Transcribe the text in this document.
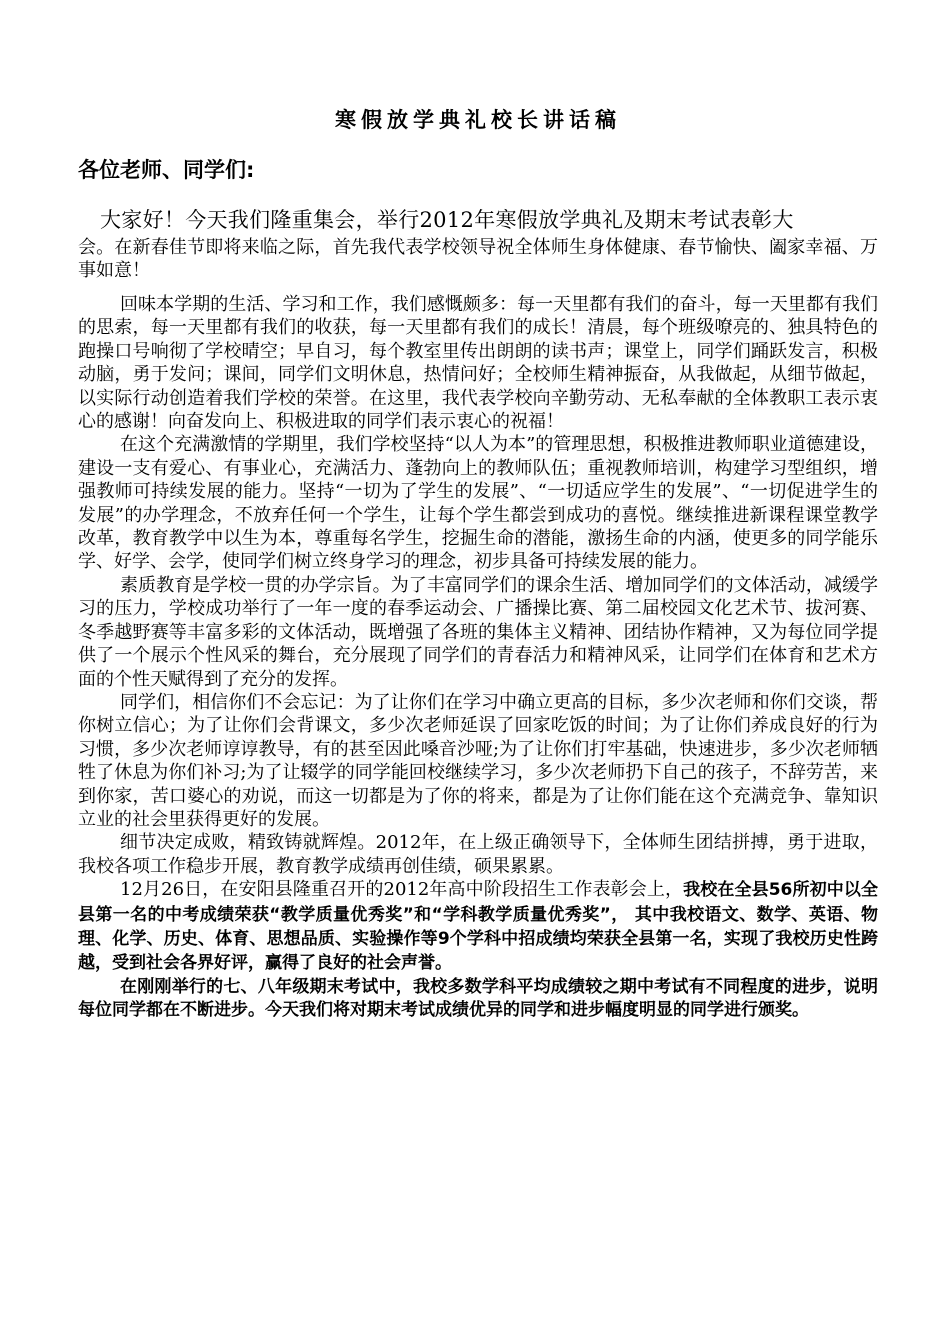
寒假放学典礼校长讲话稿

各位老师、同学们:

大家好！今天我们隆重集会，举行2012年寒假放学典礼及期末考试表彰大
会。在新春佳节即将来临之际，首先我代表学校领导祝全体师生身体健康、春节愉快、阖家幸福、万事如意！

回味本学期的生活、学习和工作，我们感慨颇多：每一天里都有我们的奋斗，每一天里都有我们的思索，每一天里都有我们的收获，每一天里都有我们的成长！清晨，每个班级嘹亮的、独具特色的跑操口号响彻了学校晴空；早自习，每个教室里传出朗朗的读书声；课堂上，同学们踊跃发言，积极动脑，勇于发问；课间，同学们文明休息，热情问好；全校师生精神振奋，从我做起，从细节做起，以实际行动创造着我们学校的荣誉。在这里，我代表学校向辛勤劳动、无私奉献的全体教职工表示衷心的感谢！向奋发向上、积极进取的同学们表示衷心的祝福！

在这个充满激情的学期里，我们学校坚持“以人为本”的管理思想，积极推进教师职业道德建设，建设一支有爱心、有事业心，充满活力、蓬勃向上的教师队伍；重视教师培训，构建学习型组织，增强教师可持续发展的能力。坚持“一切为了学生的发展”、“一切适应学生的发展”、“一切促进学生的发展”的办学理念，不放弃任何一个学生，让每个学生都尝到成功的喜悦。继续推进新课程课堂教学改革，教育教学中以生为本，尊重每名学生，挖掘生命的潜能，激扬生命的内涵，使更多的同学能乐学、好学、会学，使同学们树立终身学习的理念，初步具备可持续发展的能力。

素质教育是学校一贯的办学宗旨。为了丰富同学们的课余生活、增加同学们的文体活动，减缓学习的压力，学校成功举行了一年一度的春季运动会、广播操比赛、第二届校园文化艺术节、拔河赛、冬季越野赛等丰富多彩的文体活动，既增强了各班的集体主义精神、团结协作精神，又为每位同学提供了一个展示个性风采的舞台，充分展现了同学们的青春活力和精神风采，让同学们在体育和艺术方面的个性天赋得到了充分的发挥。

同学们，相信你们不会忘记：为了让你们在学习中确立更高的目标，多少次老师和你们交谈，帮你树立信心；为了让你们会背课文，多少次老师延误了回家吃饭的时间；为了让你们养成良好的行为习惯，多少次老师谆谆教导，有的甚至因此嗓音沙哑;为了让你们打牢基础，快速进步，多少次老师牺牲了休息为你们补习;为了让辍学的同学能回校继续学习，多少次老师扔下自己的孩子，不辞劳苦，来到你家，苦口婆心的劝说，而这一切都是为了你的将来，都是为了让你们能在这个充满竞争、靠知识立业的社会里获得更好的发展。

细节决定成败，精致铸就辉煌。2012年，在上级正确领导下，全体师生团结拼搏，勇于进取，我校各项工作稳步开展，教育教学成绩再创佳绩，硕果累累。

12月26日，在安阳县隆重召开的2012年高中阶段招生工作表彰会上，我校在全县56所初中以全县第一名的中考成绩荣获“教学质量优秀奖”和“学科教学质量优秀奖”， 其中我校语文、数学、英语、物理、化学、历史、体育、思想品质、实验操作等9个学科中招成绩均荣获全县第一名，实现了我校历史性跨越，受到社会各界好评，赢得了良好的社会声誉。

在刚刚举行的七、八年级期末考试中，我校多数学科平均成绩较之期中考试有不同程度的进步，说明每位同学都在不断进步。今天我们将对期末考试成绩优异的同学和进步幅度明显的同学进行颁奖。
